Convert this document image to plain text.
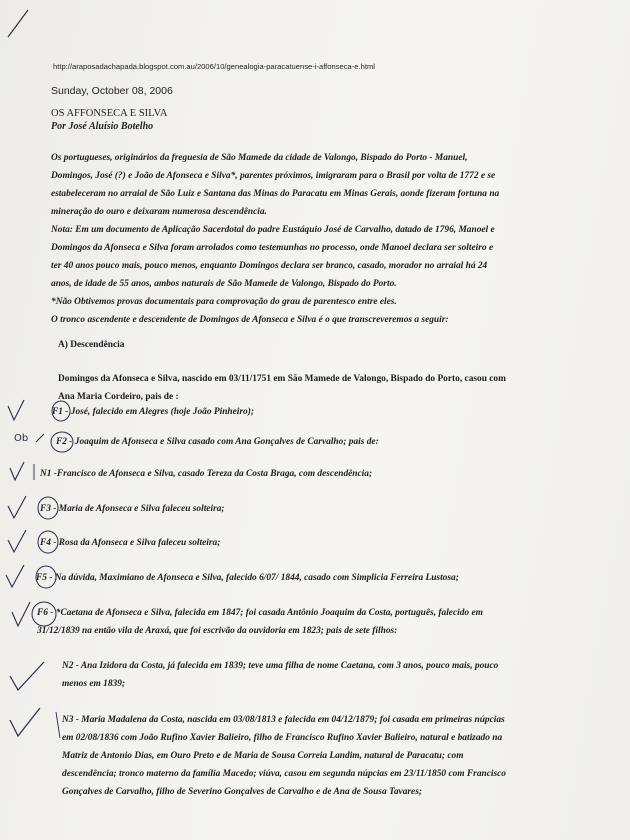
http://araposadachapada.blogspot.com.au/2006/10/genealogia-paracatuense-i-affonseca-e.html
Sunday, October 08, 2006
OS AFFONSECA E SILVA
Por José Aluísio Botelho
Os portugueses, originários da freguesia de São Mamede da cidade de Valongo, Bispado do Porto - Manuel,
Domingos, José (?) e João de Afonseca e Silva*, parentes próximos, imigraram para o Brasil por volta de 1772 e se
estabeleceram no arraial de São Luiz e Santana das Minas do Paracatu em Minas Gerais, aonde fizeram fortuna na
mineração do ouro e deixaram numerosa descendência.
Nota: Em um documento de Aplicação Sacerdotal do padre Eustáquio José de Carvalho, datado de 1796, Manoel e
Domingos da Afonseca e Silva foram arrolados como testemunhas no processo, onde Manoel declara ser solteiro e
ter 40 anos pouco mais, pouco menos, enquanto Domingos declara ser branco, casado, morador no arraial há 24
anos, de idade de 55 anos, ambos naturais de São Mamede de Valongo, Bispado do Porto.
*Não Obtivemos provas documentais para comprovação do grau de parentesco entre eles.
O tronco ascendente e descendente de Domingos de Afonseca e Silva é o que transcreveremos a seguir:
A) Descendência
Domingos da Afonseca e Silva, nascido em 03/11/1751 em São Mamede de Valongo, Bispado do Porto, casou com
Ana Maria Cordeiro, pais de :
F1 - José, falecido em Alegres (hoje João Pinheiro);
F2 - Joaquim de Afonseca e Silva casado com Ana Gonçalves de Carvalho; pais de:
Ob
N1 -Francisco de Afonseca e Silva, casado Tereza da Costa Braga, com descendência;
F3 - Maria de Afonseca e Silva faleceu solteira;
F4 - Rosa da Afonseca e Silva faleceu solteira;
F5 - Na dúvida, Maximiano de Afonseca e Silva, falecido 6/07/ 1844, casado com Simplicia Ferreira Lustosa;
F6 - *Caetana de Afonseca e Silva, falecida em 1847; foi casada Antônio Joaquim da Costa, português, falecido em
31/12/1839 na então vila de Araxá, que foi escrivão da ouvidoria em 1823; pais de sete filhos:
N2 - Ana Izidora da Costa, já falecida em 1839; teve uma filha de nome Caetana, com 3 anos, pouco mais, pouco
menos em 1839;
N3 - Maria Madalena da Costa, nascida em 03/08/1813 e falecida em 04/12/1879; foi casada em primeiras núpcias
em 02/08/1836 com João Rufino Xavier Balieiro, filho de Francisco Rufino Xavier Balieiro, natural e batizado na
Matriz de Antonio Dias, em Ouro Preto e de Maria de Sousa Correia Landim, natural de Paracatu; com
descendência; tronco materno da família Macedo; viúva, casou em segunda núpcias em 23/11/1850 com Francisco
Gonçalves de Carvalho, filho de Severino Gonçalves de Carvalho e de Ana de Sousa Tavares;
